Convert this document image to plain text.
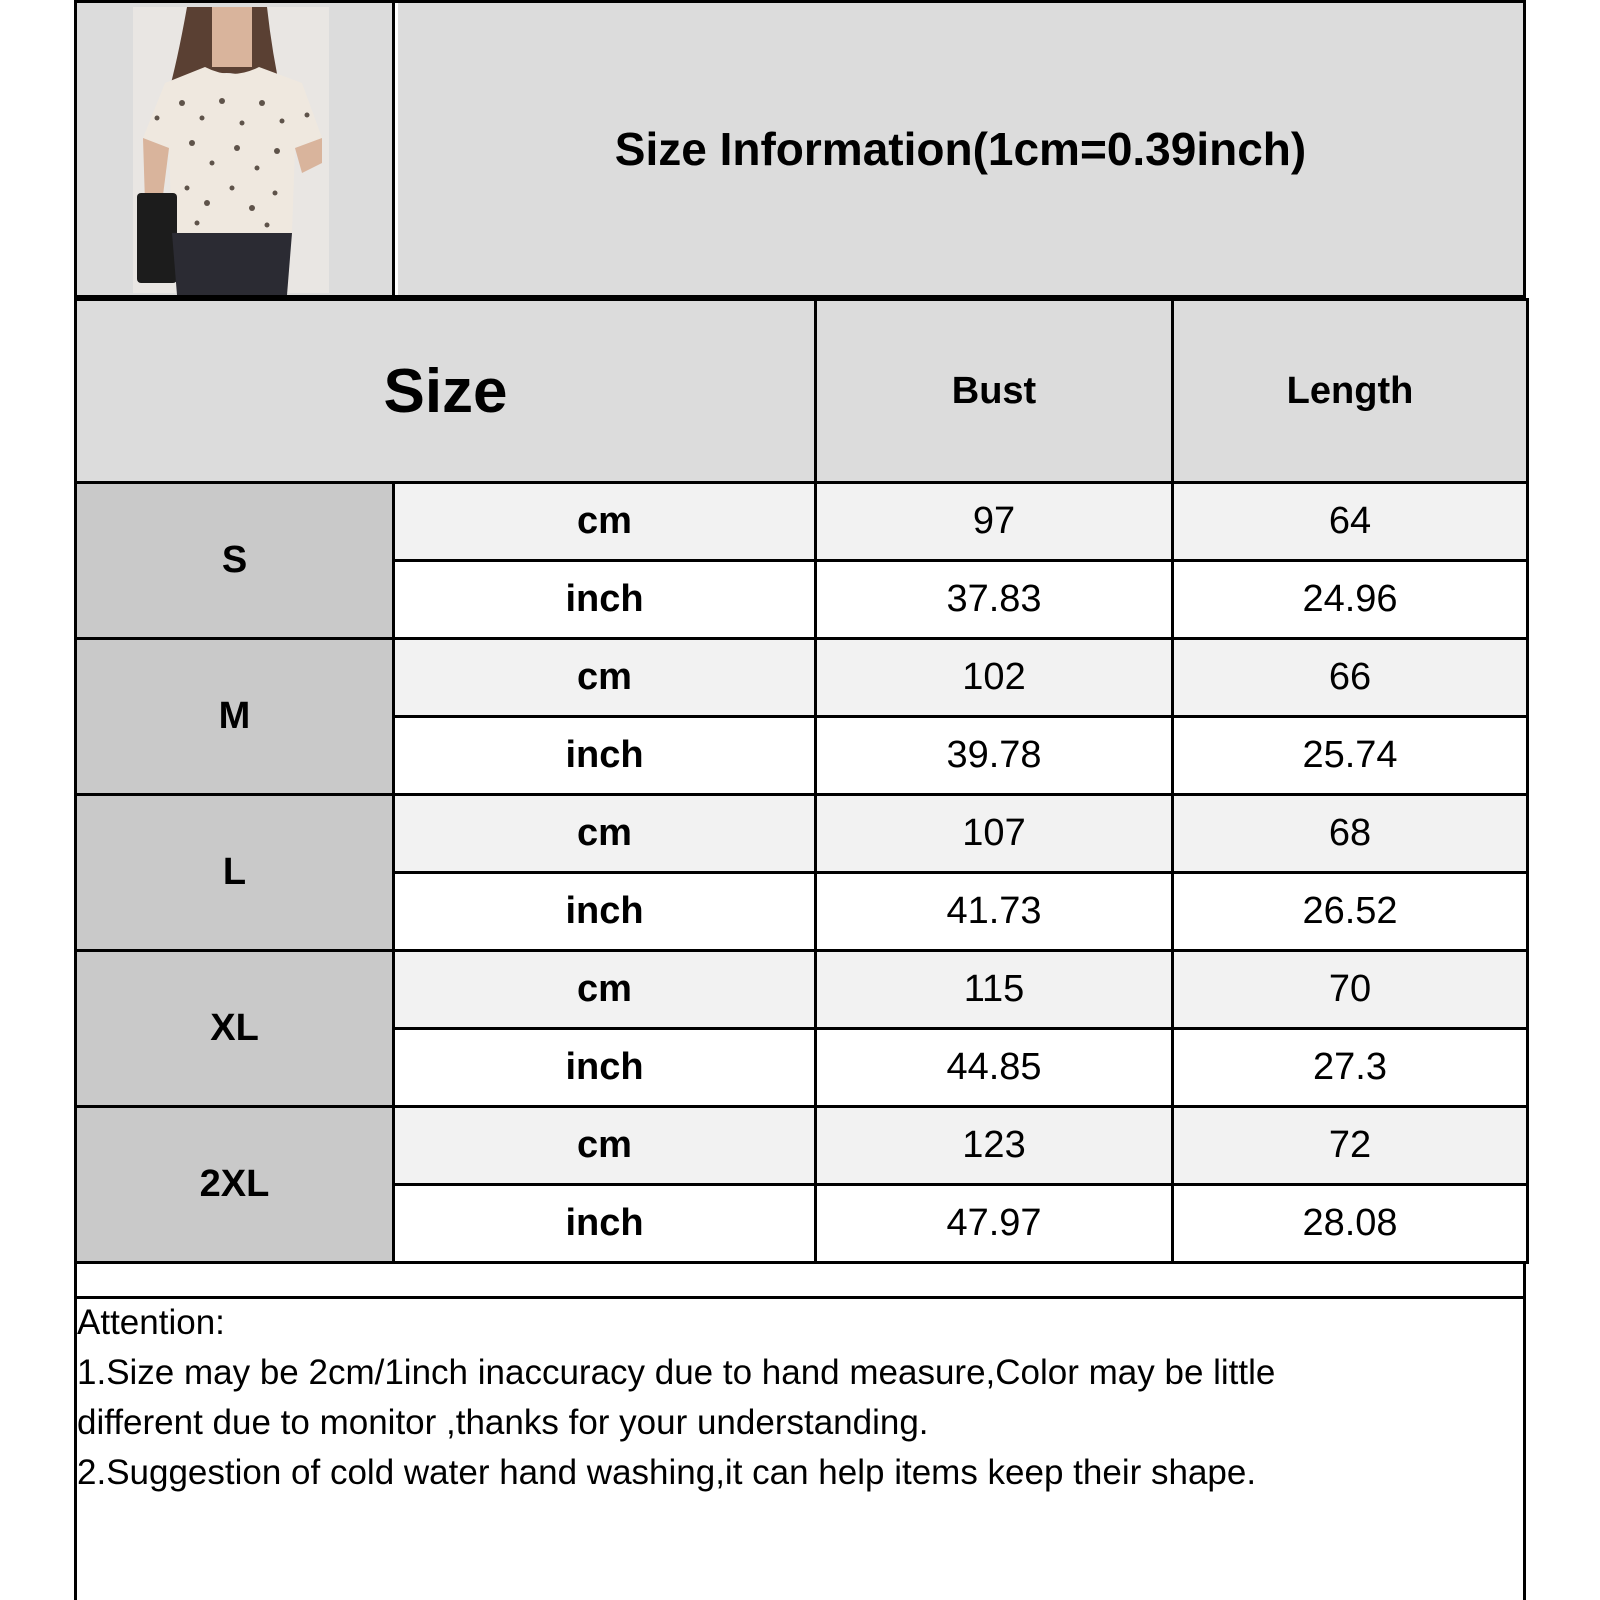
Size Information(1cm=0.39inch)
Size		Bust	Length
S	cm	97	64
	inch	37.83	24.96
M	cm	102	66
	inch	39.78	25.74
L	cm	107	68
	inch	41.73	26.52
XL	cm	115	70
	inch	44.85	27.3
2XL	cm	123	72
	inch	47.97	28.08

Attention:

1.Size may be 2cm/1inch inaccuracy due to hand measure,Color may be little

different due to monitor ,thanks for your understanding.

2.Suggestion of cold water hand washing,it can help items keep their shape.
